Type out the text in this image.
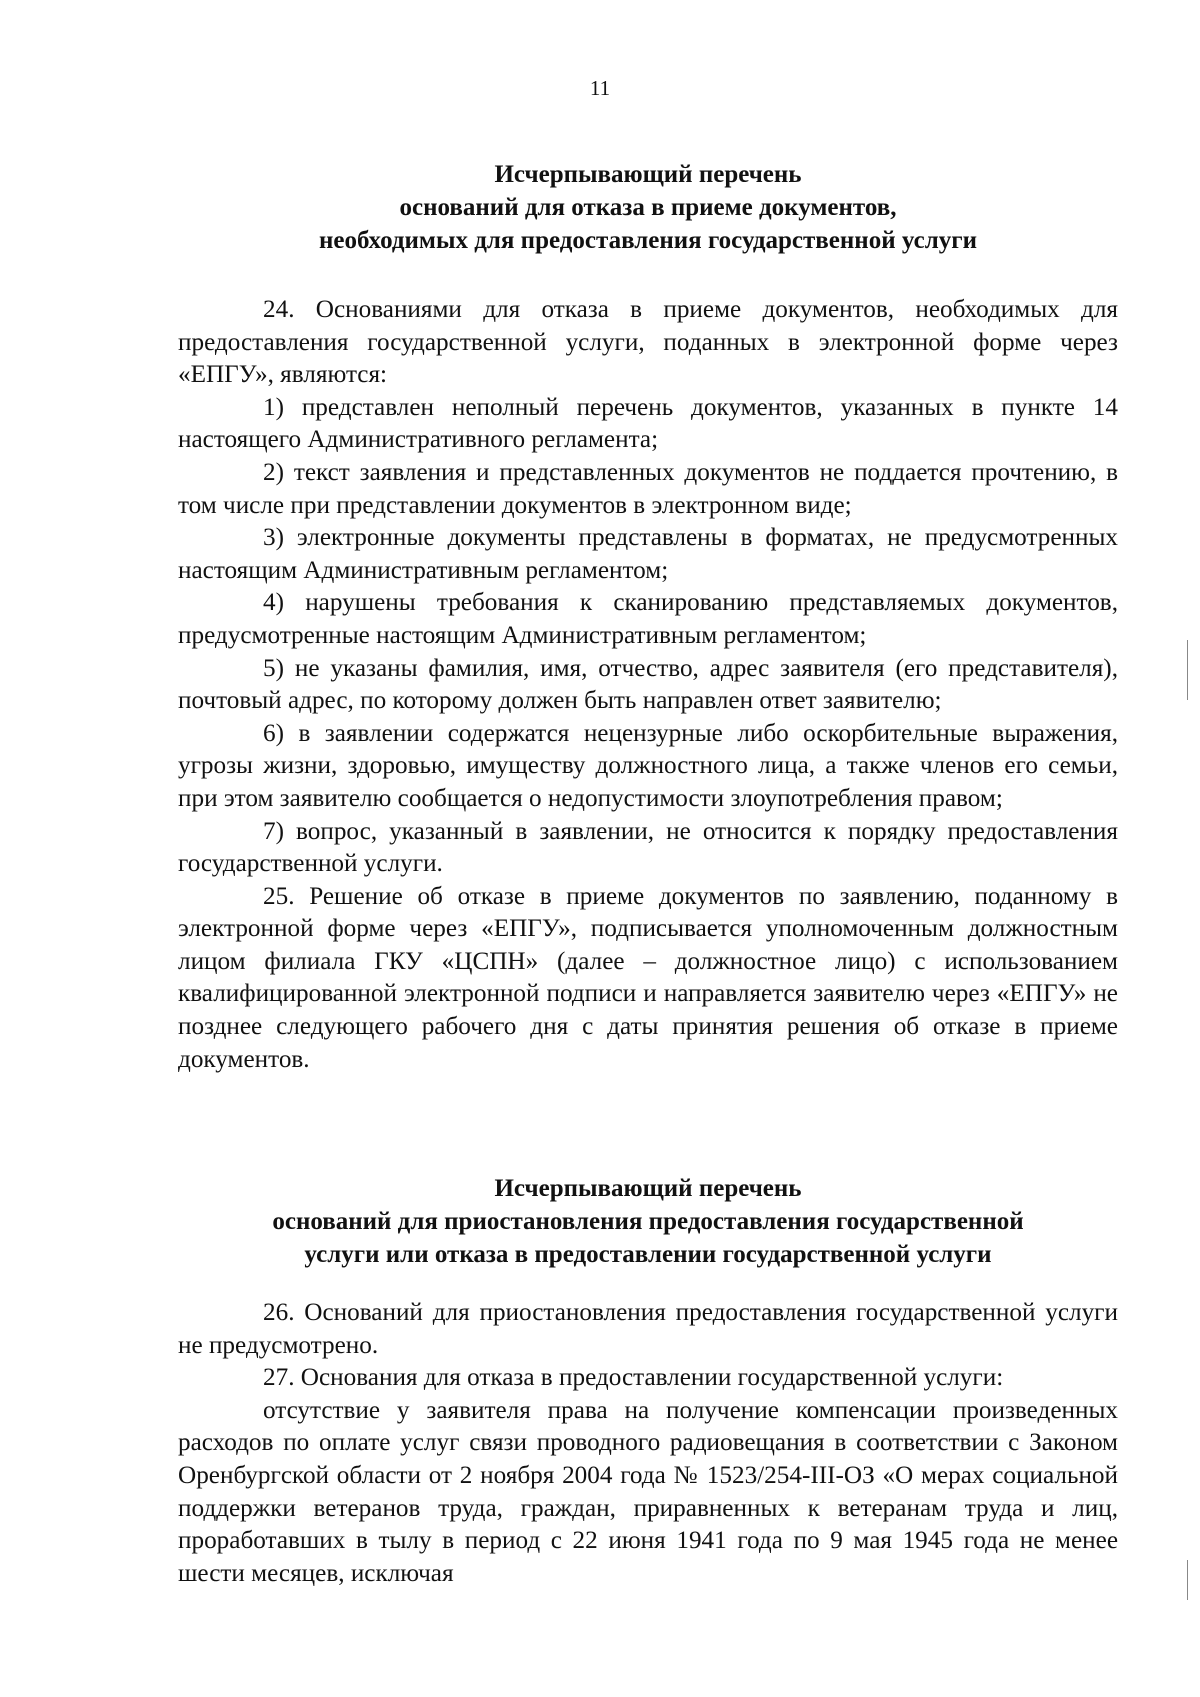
11
Исчерпывающий перечень
оснований для отказа в приеме документов,
необходимых для предоставления государственной услуги

24. Основаниями для отказа в приеме документов, необходимых для предоставления государственной услуги, поданных в электронной форме через «ЕПГУ», являются:

1) представлен неполный перечень документов, указанных в пункте 14 настоящего Административного регламента;

2) текст заявления и представленных документов не поддается прочтению, в том числе при представлении документов в электронном виде;

3) электронные документы представлены в форматах, не предусмотренных настоящим Административным регламентом;

4) нарушены требования к сканированию представляемых документов, предусмотренные настоящим Административным регламентом;

5) не указаны фамилия, имя, отчество, адрес заявителя (его представителя), почтовый адрес, по которому должен быть направлен ответ заявителю;

6) в заявлении содержатся нецензурные либо оскорбительные выражения, угрозы жизни, здоровью, имуществу должностного лица, а также членов его семьи, при этом заявителю сообщается о недопустимости злоупотребления правом;

7) вопрос, указанный в заявлении, не относится к порядку предоставления государственной услуги.

25. Решение об отказе в приеме документов по заявлению, поданному в электронной форме через «ЕПГУ», подписывается уполномоченным должностным лицом филиала ГКУ «ЦСПН» (далее – должностное лицо) с использованием квалифицированной электронной подписи и направляется заявителю через «ЕПГУ» не позднее следующего рабочего дня с даты принятия решения об отказе в приеме документов.

Исчерпывающий перечень
оснований для приостановления предоставления государственной
услуги или отказа в предоставлении государственной услуги

26. Оснований для приостановления предоставления государственной услуги не предусмотрено.

27. Основания для отказа в предоставлении государственной услуги:

отсутствие у заявителя права на получение компенсации произведенных расходов по оплате услуг связи проводного радиовещания в соответствии с Законом Оренбургской области от 2 ноября 2004 года № 1523/254-III-ОЗ «О мерах социальной поддержки ветеранов труда, граждан, приравненных к ветеранам труда и лиц, проработавших в тылу в период с 22 июня 1941 года по 9 мая 1945 года не менее шести месяцев, исключая
